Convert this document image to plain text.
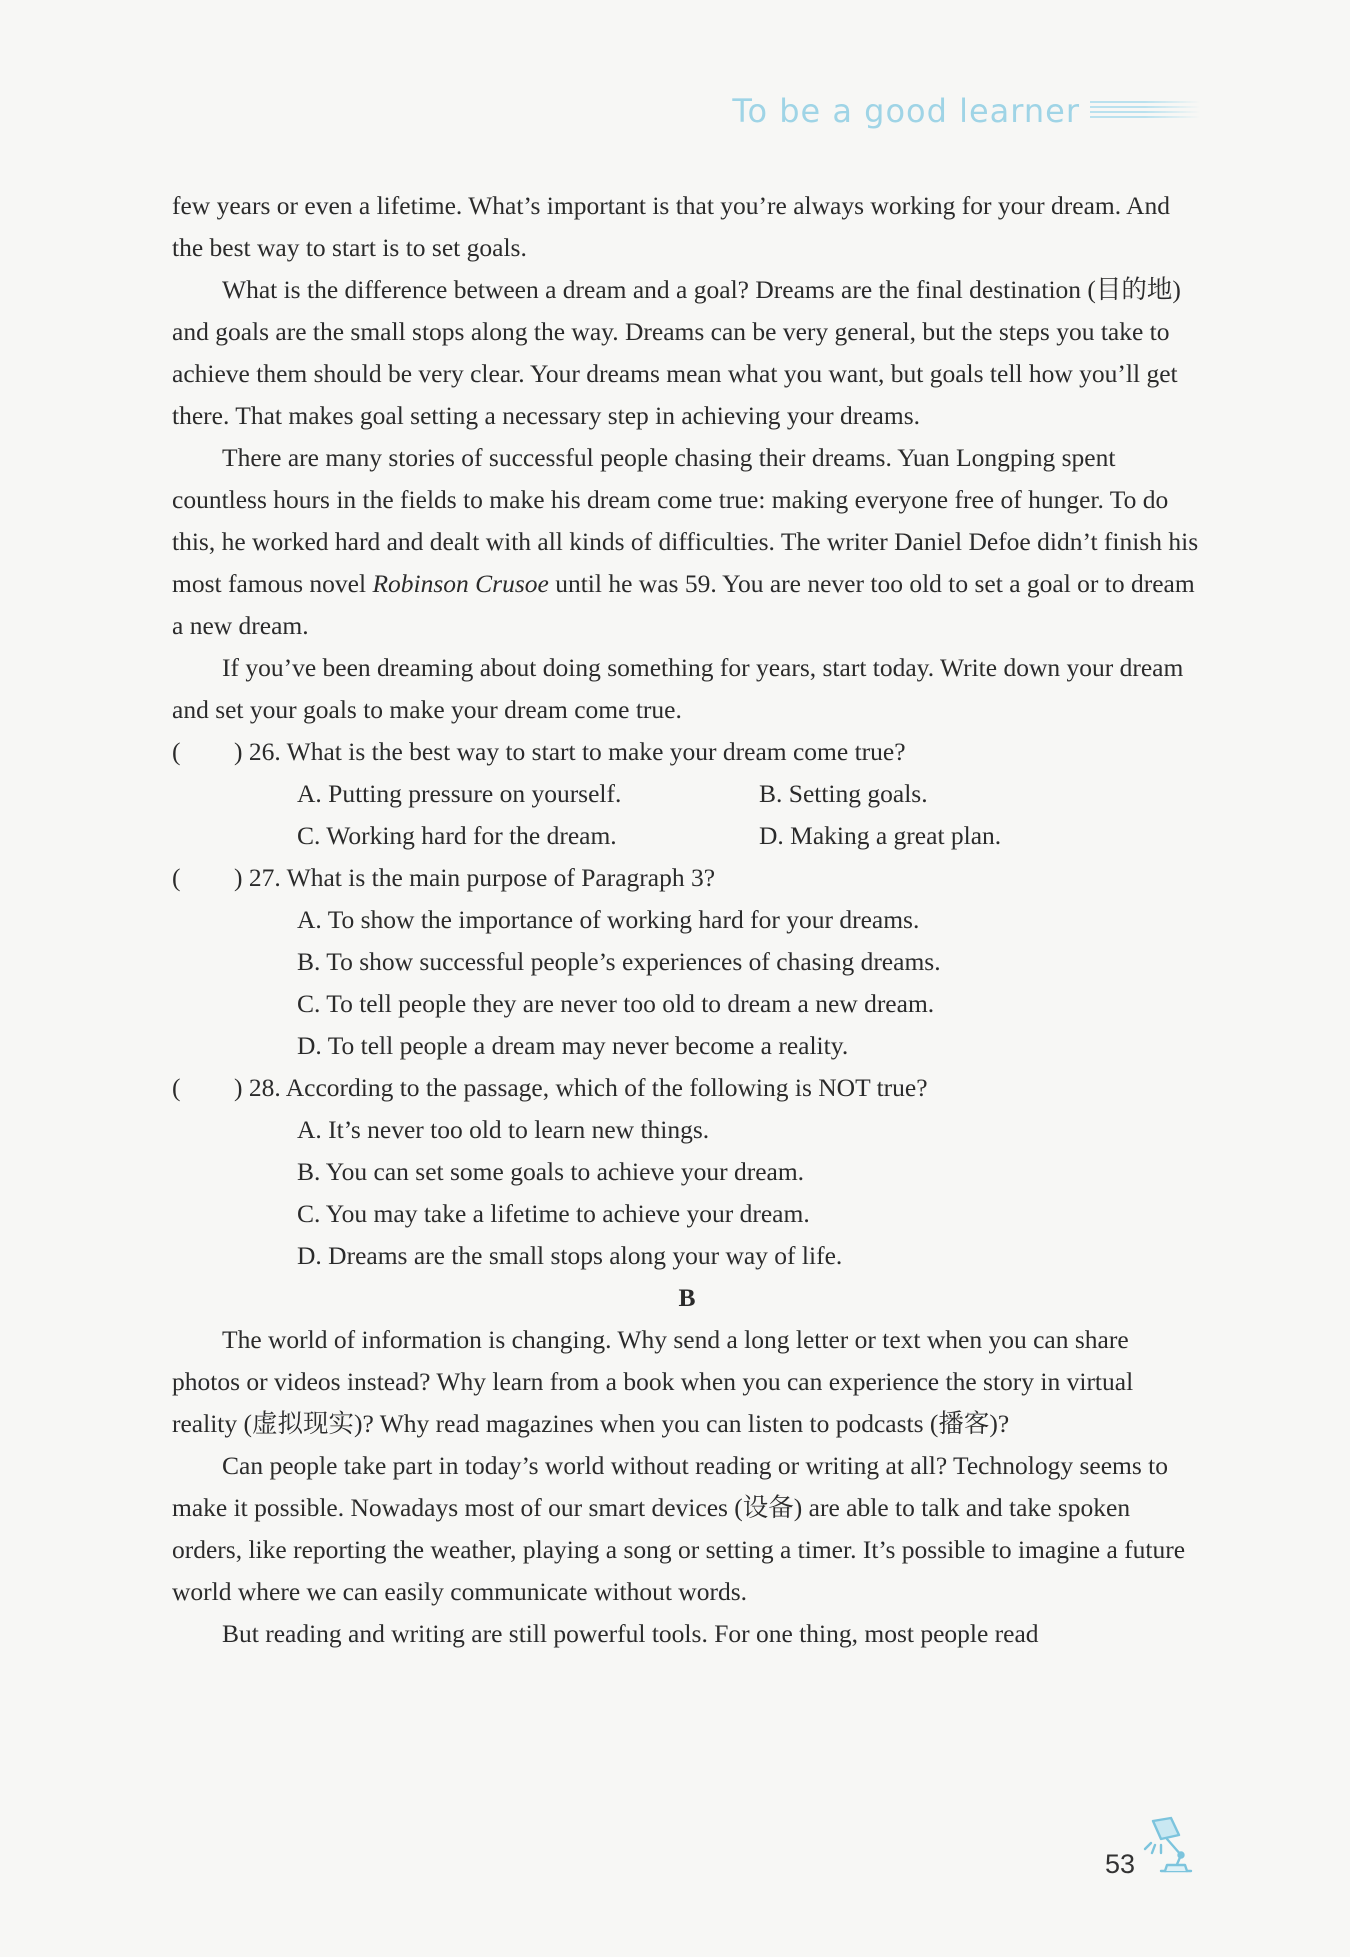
To be a good learner

few years or even a lifetime. What’s important is that you’re always working for your dream. And the best way to start is to set goals.

What is the difference between a dream and a goal? Dreams are the final destination (目的地) and goals are the small stops along the way. Dreams can be very general, but the steps you take to achieve them should be very clear. Your dreams mean what you want, but goals tell how you’ll get there. That makes goal setting a necessary step in achieving your dreams.

There are many stories of successful people chasing their dreams. Yuan Longping spent countless hours in the fields to make his dream come true: making everyone free of hunger. To do this, he worked hard and dealt with all kinds of difficulties. The writer Daniel Defoe didn’t finish his most famous novel Robinson Crusoe until he was 59. You are never too old to set a goal or to dream a new dream.

If you’ve been dreaming about doing something for years, start today. Write down your dream and set your goals to make your dream come true.

(	) 26. What is the best way to start to make your dream come true?
A. Putting pressure on yourself.	B. Setting goals.
C. Working hard for the dream.	D. Making a great plan.
(	) 27. What is the main purpose of Paragraph 3?
A. To show the importance of working hard for your dreams.
B. To show successful people’s experiences of chasing dreams.
C. To tell people they are never too old to dream a new dream.
D. To tell people a dream may never become a reality.
(	) 28. According to the passage, which of the following is NOT true?
A. It’s never too old to learn new things.
B. You can set some goals to achieve your dream.
C. You may take a lifetime to achieve your dream.
D. Dreams are the small stops along your way of life.

B

The world of information is changing. Why send a long letter or text when you can share photos or videos instead? Why learn from a book when you can experience the story in virtual reality (虚拟现实)? Why read magazines when you can listen to podcasts (播客)?

Can people take part in today’s world without reading or writing at all? Technology seems to make it possible. Nowadays most of our smart devices (设备) are able to talk and take spoken orders, like reporting the weather, playing a song or setting a timer. It’s possible to imagine a future world where we can easily communicate without words.

But reading and writing are still powerful tools. For one thing, most people read

53
